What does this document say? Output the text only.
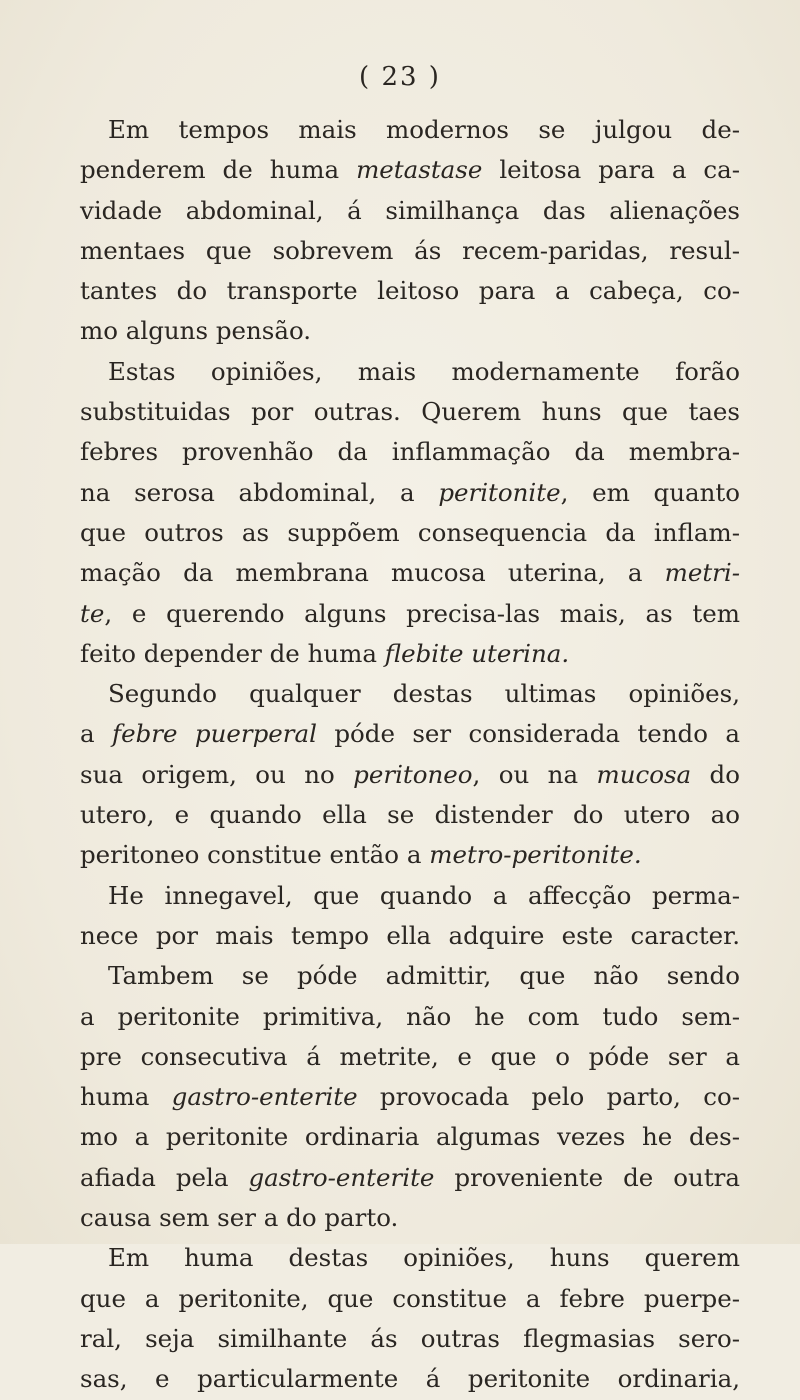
( 23 )
Em tempos mais modernos se julgou de-
penderem de huma metastase leitosa para a ca-
vidade abdominal, á similhança das alienações
mentaes que sobrevem ás recem-paridas, resul-
tantes do transporte leitoso para a cabeça, co-
mo alguns pensão.
Estas opiniões, mais modernamente forão
substituidas por outras. Querem huns que taes
febres provenhão da inflammação da membra-
na serosa abdominal, a peritonite, em quanto
que outros as suppõem consequencia da inflam-
mação da membrana mucosa uterina, a metri-
te, e querendo alguns precisa-las mais, as tem
feito depender de huma flebite uterina.
Segundo qualquer destas ultimas opiniões,
a febre puerperal póde ser considerada tendo a
sua origem, ou no peritoneo, ou na mucosa do
utero, e quando ella se distender do utero ao
peritoneo constitue então a metro-peritonite.
He innegavel, que quando a affecção perma-
nece por mais tempo ella adquire este caracter.
Tambem se póde admittir, que não sendo
a peritonite primitiva, não he com tudo sem-
pre consecutiva á metrite, e que o póde ser a
huma gastro-enterite provocada pelo parto, co-
mo a peritonite ordinaria algumas vezes he des-
afiada pela gastro-enterite proveniente de outra
causa sem ser a do parto.
Em huma destas opiniões, huns querem
que a peritonite, que constitue a febre puerpe-
ral, seja similhante ás outras flegmasias sero-
sas, e particularmente á peritonite ordinaria,
